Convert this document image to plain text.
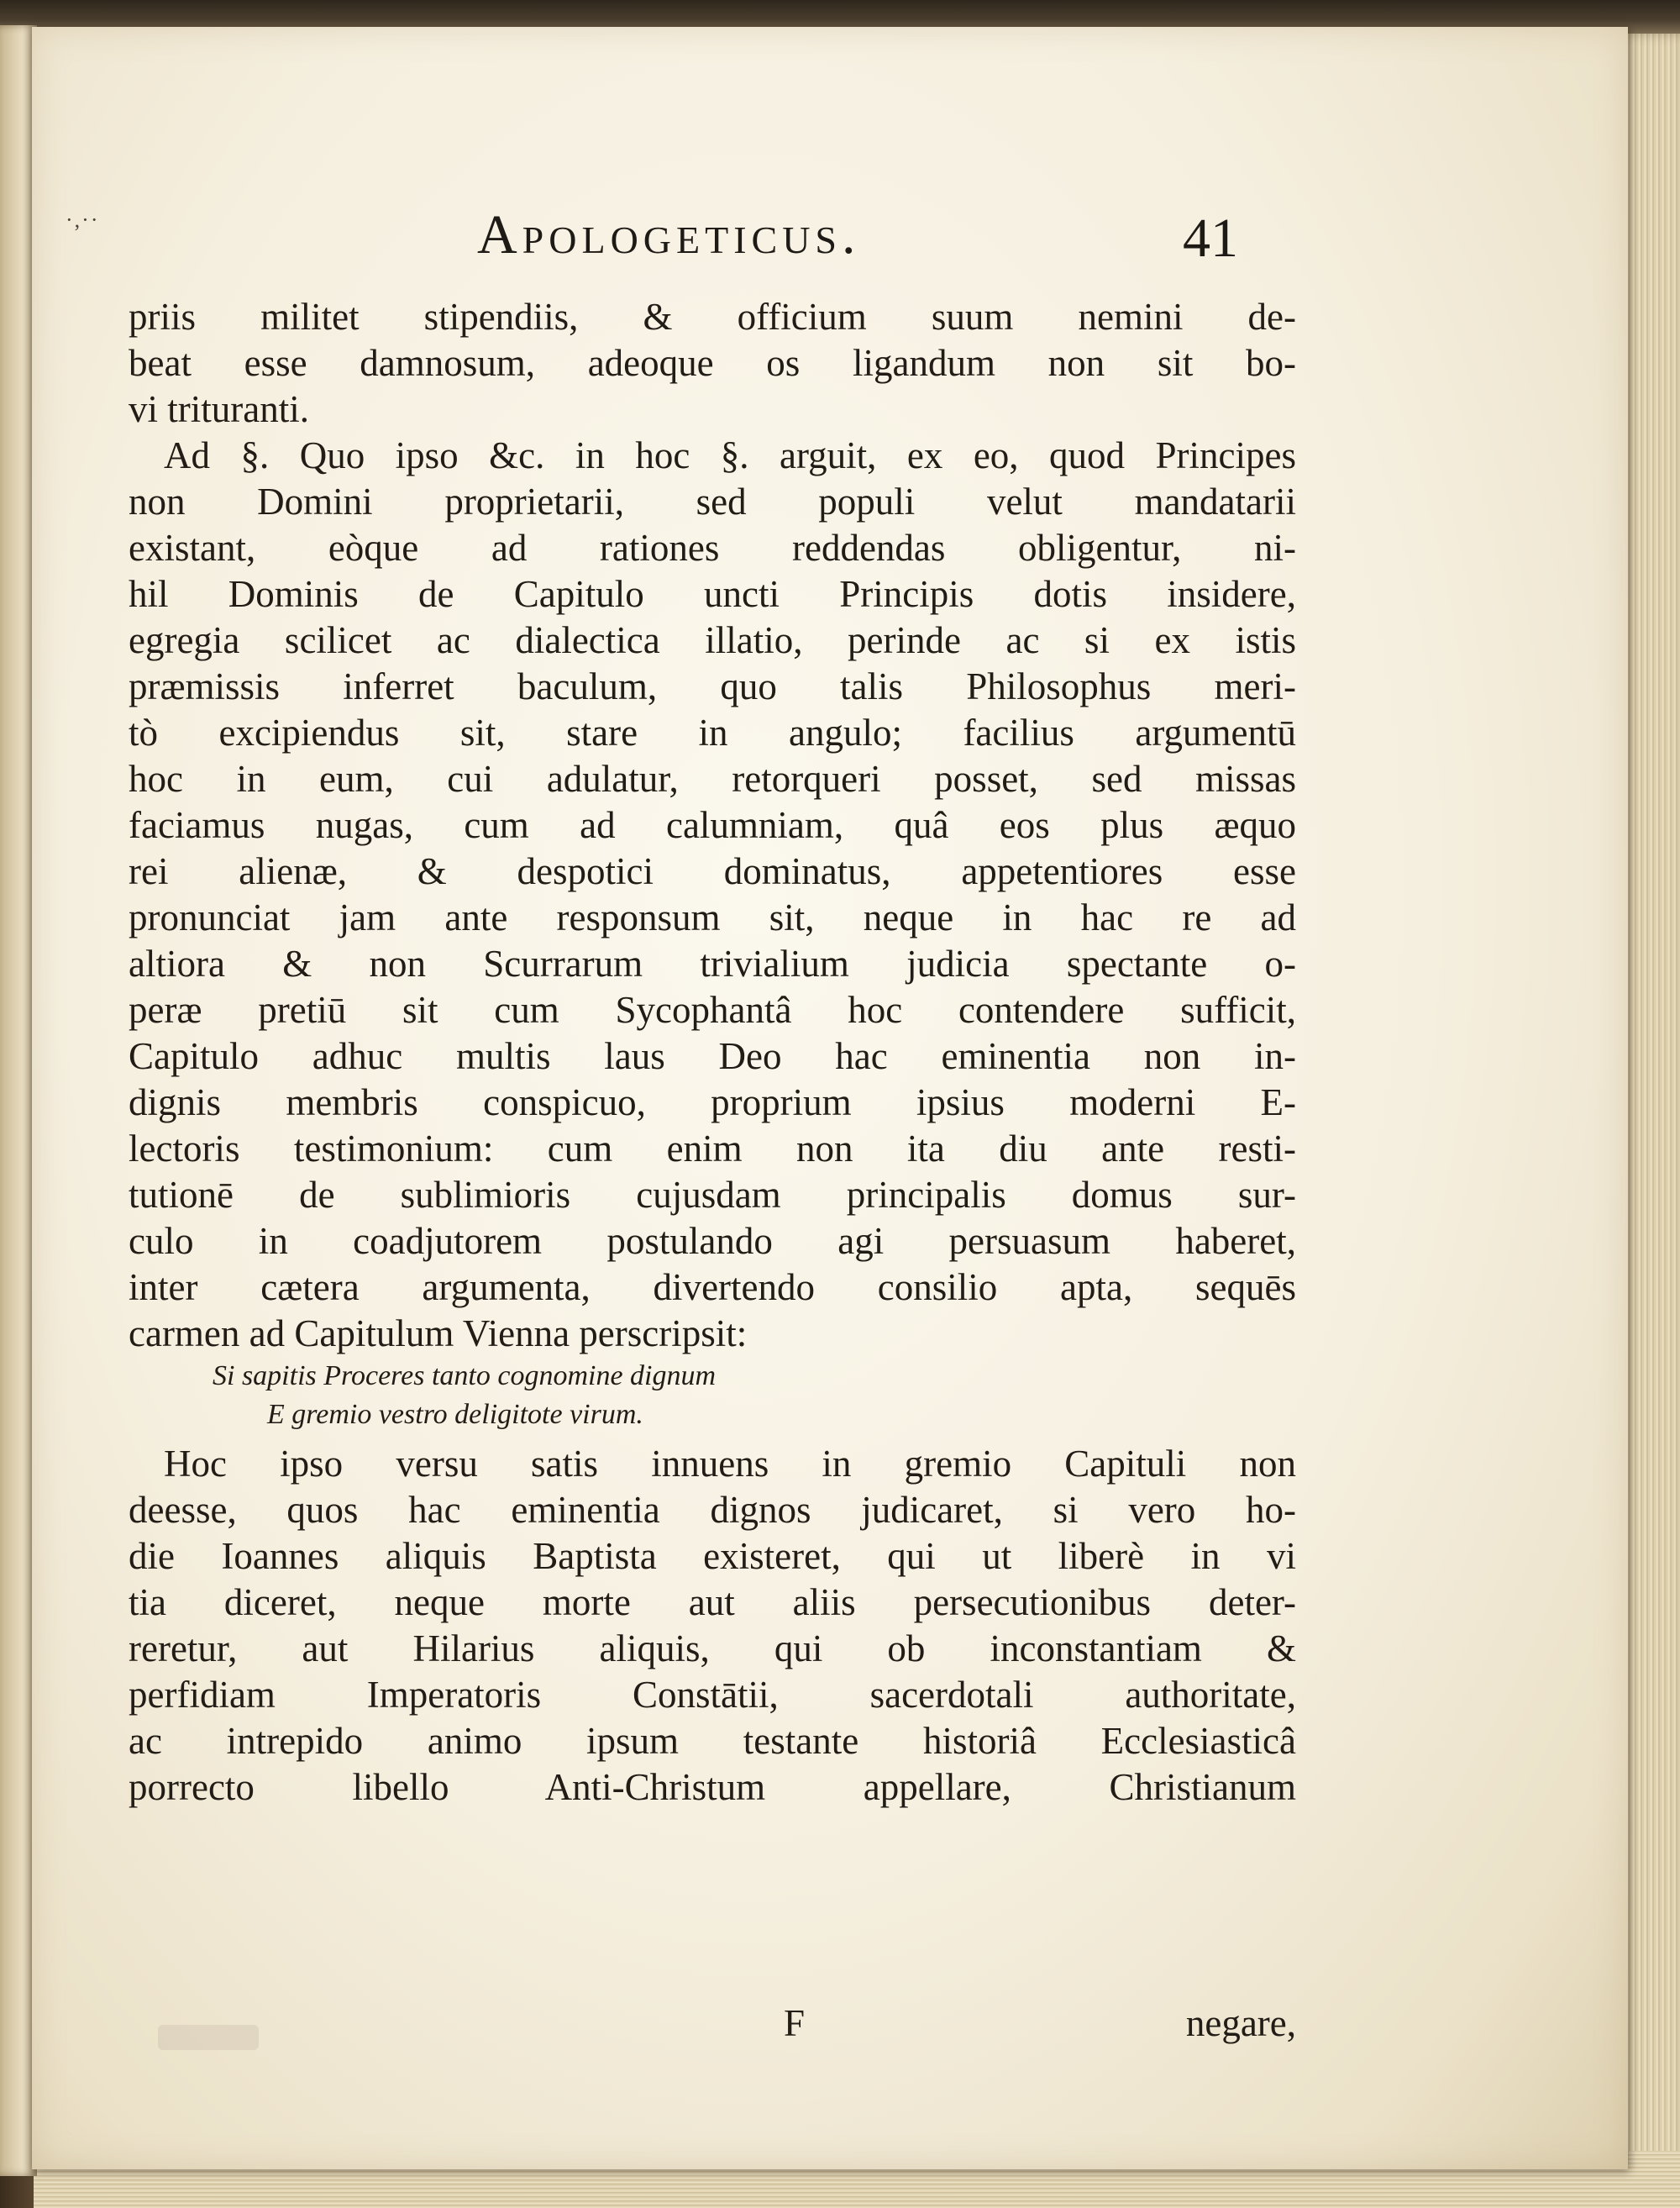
·,··	Apologeticus.	41
priis militet stipendiis, & officium suum nemini de-
beat esse damnosum, adeoque os ligandum non sit bo-
vi trituranti.
Ad §. Quo ipso &c. in hoc §. arguit, ex eo, quod Principes
non Domini proprietarii, sed populi velut mandatarii
existant, eòque ad rationes reddendas obligentur, ni-
hil Dominis de Capitulo uncti Principis dotis insidere,
egregia scilicet ac dialectica illatio, perinde ac si ex istis
præmissis inferret baculum, quo talis Philosophus meri-
tò excipiendus sit, stare in angulo; facilius argumentū
hoc in eum, cui adulatur, retorqueri posset, sed missas
faciamus nugas, cum ad calumniam, quâ eos plus æquo
rei alienæ, & despotici dominatus, appetentiores esse
pronunciat jam ante responsum sit, neque in hac re ad
altiora & non Scurrarum trivialium judicia spectante o-
peræ pretiū sit cum Sycophantâ hoc contendere sufficit,
Capitulo adhuc multis laus Deo hac eminentia non in-
dignis membris conspicuo, proprium ipsius moderni E-
lectoris testimonium: cum enim non ita diu ante resti-
tutionē de sublimioris cujusdam principalis domus sur-
culo in coadjutorem postulando agi persuasum haberet,
inter cætera argumenta, divertendo consilio apta, sequēs
carmen ad Capitulum Vienna perscripsit:
Si sapitis Proceres tanto cognomine dignum
E gremio vestro deligitote virum.
Hoc ipso versu satis innuens in gremio Capituli non
deesse, quos hac eminentia dignos judicaret, si vero ho-
die Ioannes aliquis Baptista existeret, qui ut liberè in vi
tia diceret, neque morte aut aliis persecutionibus deter-
reretur, aut Hilarius aliquis, qui ob inconstantiam &
perfidiam Imperatoris Constātii, sacerdotali authoritate,
ac intrepido animo ipsum testante historiâ Ecclesiasticâ
porrecto libello Anti-Christum appellare, Christianum
F	negare,
